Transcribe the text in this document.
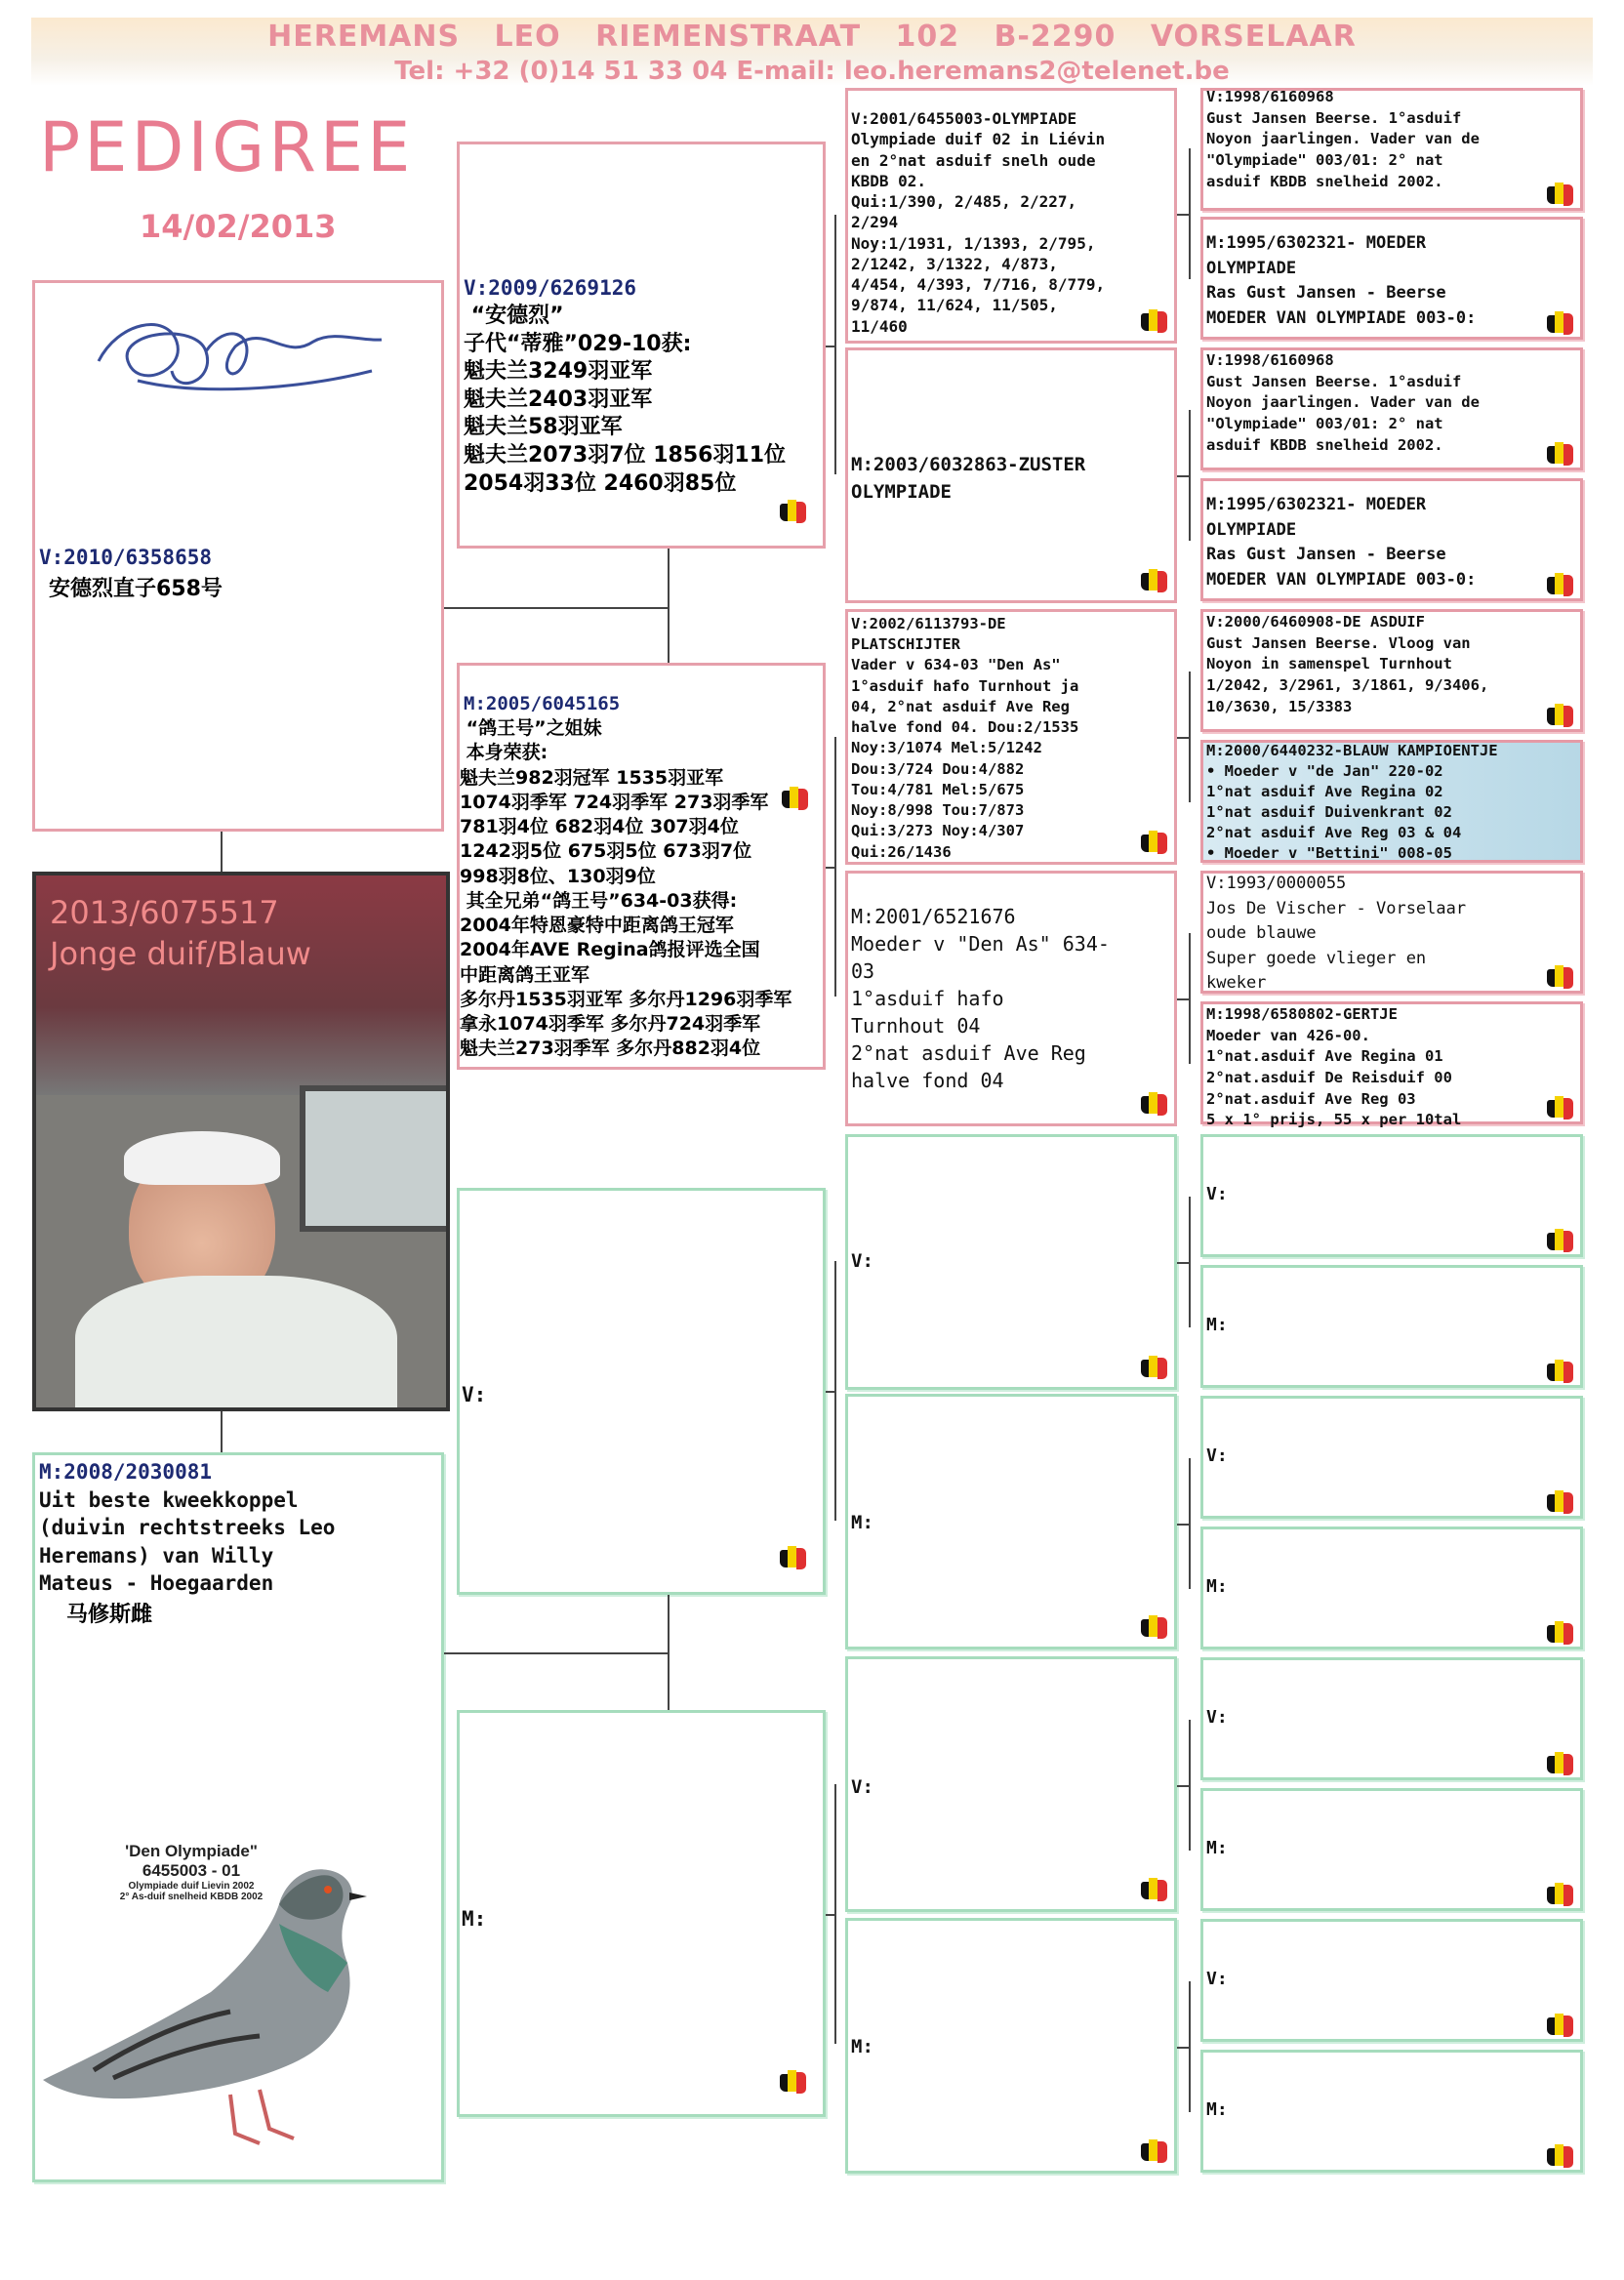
HEREMANS LEO RIEMENSTRAAT 102 B-2290 VORSELAAR
Tel: +32 (0)14 51 33 04 E-mail: leo.heremans2@telenet.be
PEDIGREE
14/02/2013
V:2010/6358658
安德烈直子658号
2013/6075517
Jonge duif/Blauw
M:2008/2030081
Uit beste kweekkoppel
(duivin rechtstreeks Leo
Heremans) van Willy
Mateus - Hoegaarden
马修斯雌
'Den Olympiade"
6455003 - 01
Olympiade duif Lievin 2002
2° As-duif snelheid KBDB 2002
V:2009/6269126
“安德烈”
子代“蒂雅”029-10获:
魁夫兰3249羽亚军
魁夫兰2403羽亚军
魁夫兰58羽亚军
魁夫兰2073羽7位 1856羽11位
2054羽33位 2460羽85位
M:2005/6045165
“鸽王号”之姐妹
本身荣获:
魁夫兰982羽冠军 1535羽亚军
1074羽季军 724羽季军 273羽季军
781羽4位 682羽4位 307羽4位
1242羽5位 675羽5位 673羽7位
998羽8位、130羽9位
其全兄弟“鸽王号”634-03获得:
2004年特恩豪特中距离鸽王冠军
2004年AVE Regina鸽报评选全国
中距离鸽王亚军
多尔丹1535羽亚军 多尔丹1296羽季军
拿永1074羽季军 多尔丹724羽季军
魁夫兰273羽季军 多尔丹882羽4位
V:
M:
V:2001/6455003-OLYMPIADE
Olympiade duif 02 in Liévin
en 2°nat asduif snelh oude
KBDB 02.
Qui:1/390, 2/485, 2/227,
2/294
Noy:1/1931, 1/1393, 2/795,
2/1242, 3/1322, 4/873,
4/454, 4/393, 7/716, 8/779,
9/874, 11/624, 11/505,
11/460
M:2003/6032863-ZUSTER
OLYMPIADE
V:2002/6113793-DE
PLATSCHIJTER
Vader v 634-03 "Den As"
1°asduif hafo Turnhout ja
04, 2°nat asduif Ave Reg
halve fond 04. Dou:2/1535
Noy:3/1074 Mel:5/1242
Dou:3/724 Dou:4/882
Tou:4/781 Mel:5/675
Noy:8/998 Tou:7/873
Qui:3/273 Noy:4/307
Qui:26/1436
M:2001/6521676
Moeder v "Den As" 634-
03
1°asduif hafo
Turnhout 04
2°nat asduif Ave Reg
halve fond 04
V:
M:
V:
M:
V:1998/6160968
Gust Jansen Beerse. 1°asduif
Noyon jaarlingen. Vader van de
"Olympiade" 003/01: 2° nat
asduif KBDB snelheid 2002.
M:1995/6302321- MOEDER
OLYMPIADE
Ras Gust Jansen - Beerse
MOEDER VAN OLYMPIADE 003-0:
V:1998/6160968
Gust Jansen Beerse. 1°asduif
Noyon jaarlingen. Vader van de
"Olympiade" 003/01: 2° nat
asduif KBDB snelheid 2002.
M:1995/6302321- MOEDER
OLYMPIADE
Ras Gust Jansen - Beerse
MOEDER VAN OLYMPIADE 003-0:
V:2000/6460908-DE ASDUIF
Gust Jansen Beerse. Vloog van
Noyon in samenspel Turnhout
1/2042, 3/2961, 3/1861, 9/3406,
10/3630, 15/3383
M:2000/6440232-BLAUW KAMPIOENTJE
• Moeder v "de Jan" 220-02
1°nat asduif Ave Regina 02
1°nat asduif Duivenkrant 02
2°nat asduif Ave Reg 03 & 04
• Moeder v "Bettini" 008-05
V:1993/0000055
Jos De Vischer - Vorselaar
oude blauwe
Super goede vlieger en
kweker
M:1998/6580802-GERTJE
Moeder van 426-00.
1°nat.asduif Ave Regina 01
2°nat.asduif De Reisduif 00
2°nat.asduif Ave Reg 03
5 x 1° prijs, 55 x per 10tal
V:
M:
V:
M:
V:
M:
V:
M:
